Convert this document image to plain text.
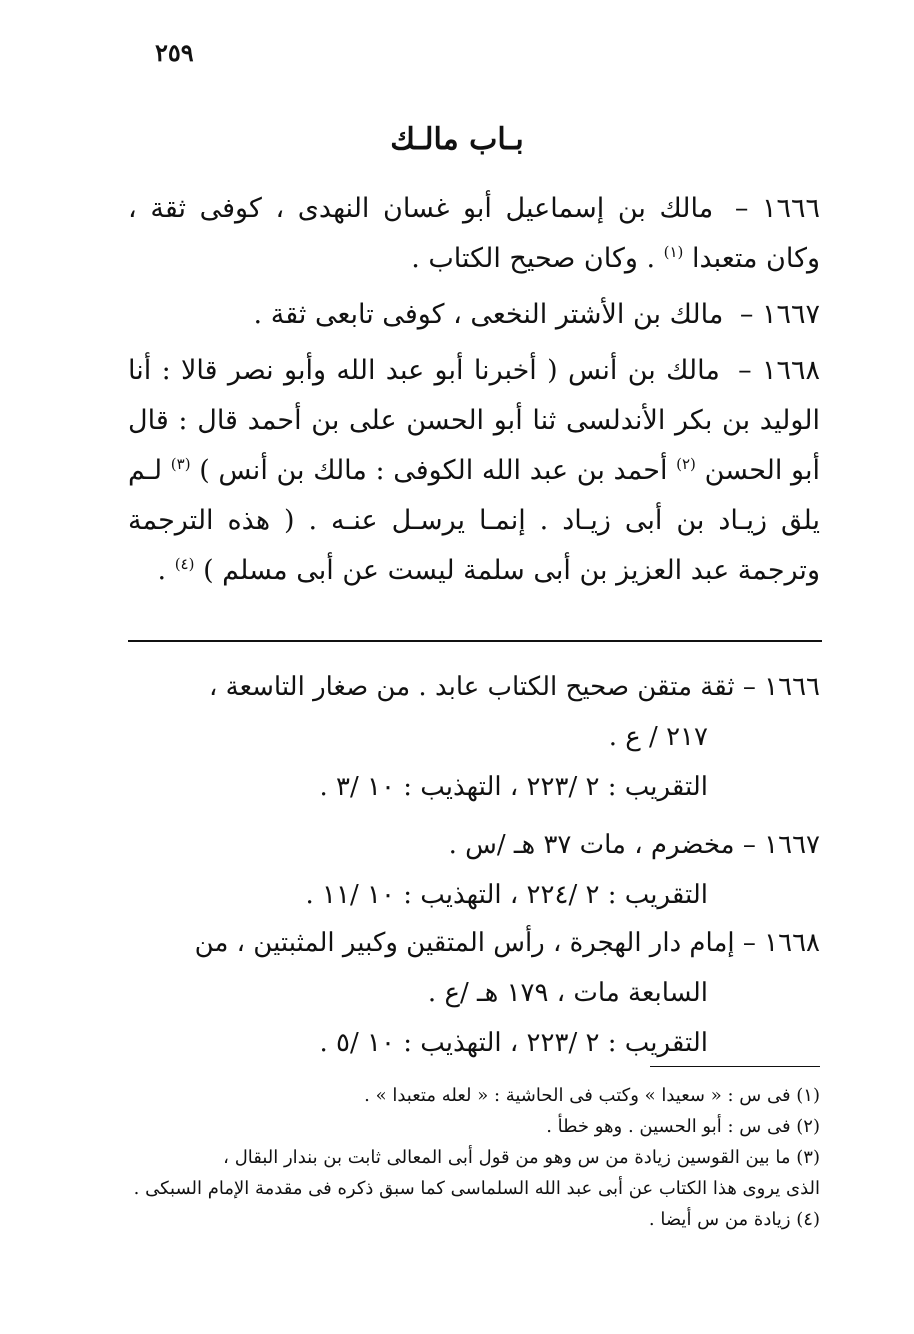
٢٥٩
بـاب مالـك
١٦٦٦ – مالك بن إسماعيل أبو غسان النهدى ، كوفى ثقة ، وكان متعبدا $^{(١)}$ . وكان صحيح الكتاب .
١٦٦٧ – مالك بن الأشتر النخعى ، كوفى تابعى ثقة .
١٦٦٨ – مالك بن أنس ( أخبرنا أبو عبد الله وأبو نصر قالا : أنا الوليد بن بكر الأندلسى ثنا أبو الحسن على بن أحمد قال : قال أبو الحسن $^{(٢)}$ أحمد بن عبد الله الكوفى : مالك بن أنس ) $^{(٣)}$ لـم يلق زيـاد بن أبى زيـاد . إنمـا يرسـل عنـه . ( هذه الترجمة وترجمة عبد العزيز بن أبى سلمة ليست عن أبى مسلم ) $^{(٤)}$ .
١٦٦٦ – ثقة متقن صحيح الكتاب عابد . من صغار التاسعة ،
٢١٧ / ع .
التقريب : ٢ /٢٢٣ ، التهذيب : ١٠ /٣ .
١٦٦٧ – مخضرم ، مات ٣٧ هـ /س .
التقريب : ٢ /٢٢٤ ، التهذيب : ١٠ /١١ .
١٦٦٨ – إمام دار الهجرة ، رأس المتقين وكبير المثبتين ، من
السابعة مات ، ١٧٩ هـ /ع .
التقريب : ٢ /٢٢٣ ، التهذيب : ١٠ /٥ .
(١) فى س : « سعيدا » وكتب فى الحاشية : « لعله متعبدا » .
(٢) فى س : أبو الحسين . وهو خطأ .
(٣) ما بين القوسين زيادة من س وهو من قول أبى المعالى ثابت بن بندار البقال ،
الذى يروى هذا الكتاب عن أبى عبد الله السلماسى كما سبق ذكره فى مقدمة الإمام السبكى .
(٤) زيادة من س أيضا .
